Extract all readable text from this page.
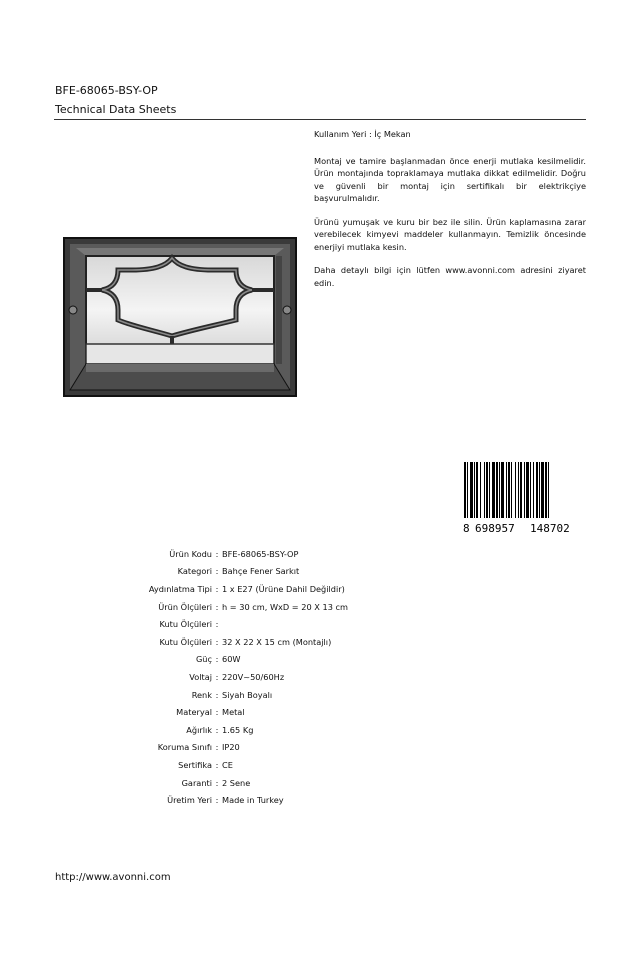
BFE-68065-BSY-OP
Technical Data Sheets

Kullanım Yeri : İç Mekan

Montaj ve tamire başlanmadan önce enerji mutlaka kesilmelidir. Ürün montajında topraklamaya mutlaka dikkat edilmelidir. Doğru ve güvenli bir montaj için sertifikalı bir elektrikçiye başvurulmalıdır.

Ürünü yumuşak ve kuru bir bez ile silin. Ürün kaplamasına zarar verebilecek kimyevi maddeler kullanmayın. Temizlik öncesinde enerjiyi mutlaka kesin.

Daha detaylı bilgi için lütfen www.avonni.com adresini ziyaret edin.

8 698957 148702
Ürün Kodu : BFE-68065-BSY-OP
Kategori : Bahçe Fener Sarkıt
Aydınlatma Tipi : 1 x E27 (Ürüne Dahil Değildir)
Ürün Ölçüleri : h = 30 cm, WxD = 20 X 13 cm
Kutu Ölçüleri :
Kutu Ölçüleri : 32 X 22 X 15 cm (Montajlı)
Güç : 60W
Voltaj : 220V~50/60Hz
Renk : Siyah Boyalı
Materyal : Metal
Ağırlık : 1.65 Kg
Koruma Sınıfı : IP20
Sertifika : CE
Garanti : 2 Sene
Üretim Yeri : Made in Turkey
http://www.avonni.com
